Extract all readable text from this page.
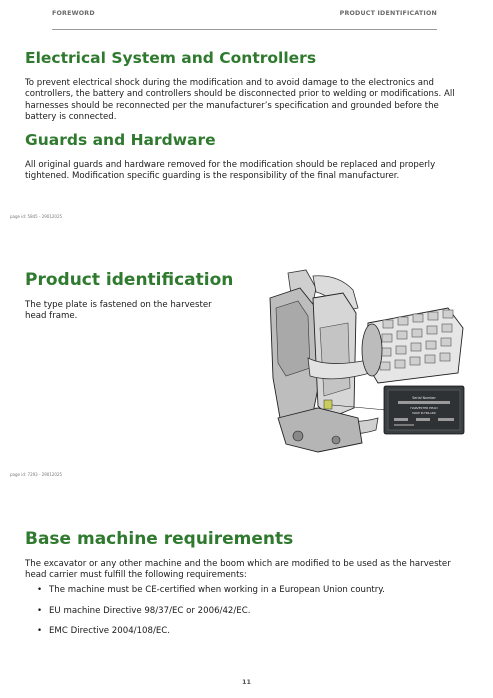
FOREWORD	PRODUCT IDENTIFICATION
Electrical System and Controllers

To prevent electrical shock during the modification and to avoid damage to the electronics and controllers, the battery and controllers should be disconnected prior to welding or modifications. All harnesses should be reconnected per the manufacturer’s specification and grounded before the battery is connected.

Guards and Hardware

All original guards and hardware removed for the modification should be replaced and properly tightened. Modification specific guarding is the responsibility of the final manufacturer.

page id: 5845 - 29012025
Product identification

The type plate is fastened on the harvester head frame.

Serial Number
HARVESTER HEAD
MADE IN FINLAND
page id: 7293 - 29012025
Base machine requirements

The excavator or any other machine and the boom which are modified to be used as the harvester head carrier must fulfill the following requirements:

• The machine must be CE-certified when working in a European Union country.
• EU machine Directive 98/37/EC or 2006/42/EC.
• EMC Directive 2004/108/EC.
11
